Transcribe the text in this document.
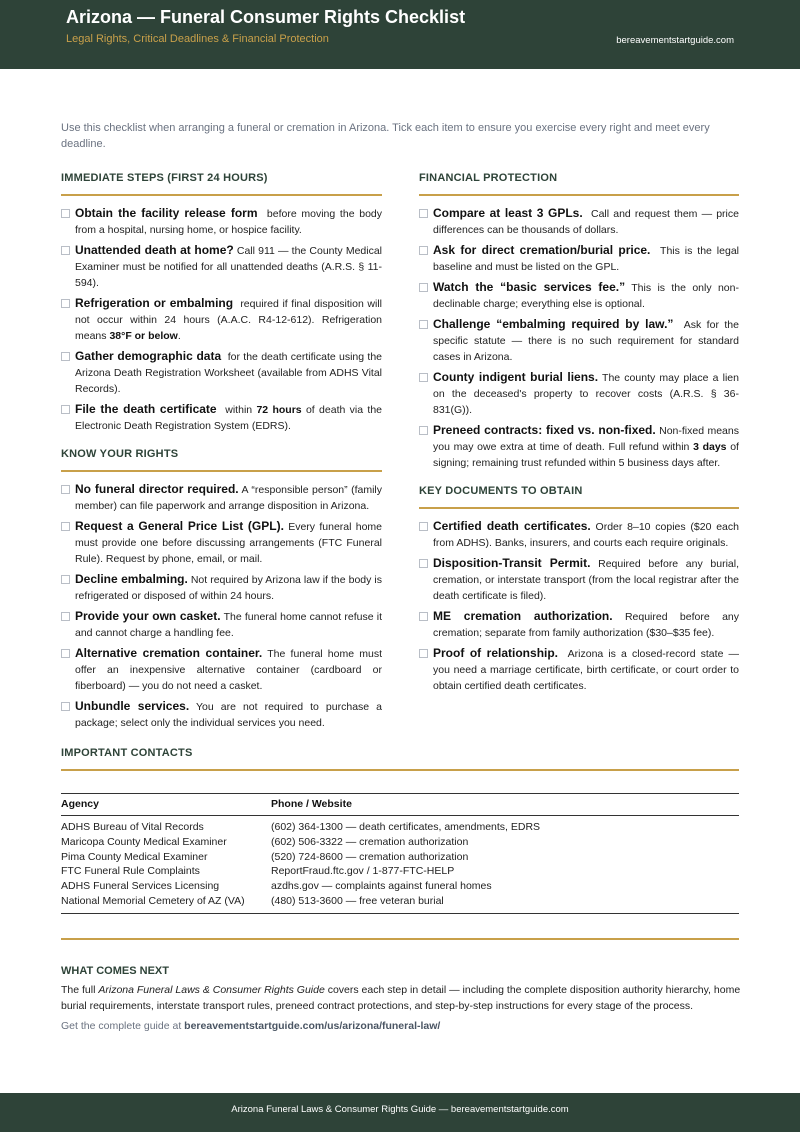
Arizona — Funeral Consumer Rights Checklist
Legal Rights, Critical Deadlines & Financial Protection	bereavementstartguide.com

Use this checklist when arranging a funeral or cremation in Arizona. Tick each item to ensure you exercise every right and meet every deadline.

IMMEDIATE STEPS (FIRST 24 HOURS)
Obtain the facility release form before moving the body from a hospital, nursing home, or hospice facility.
Unattended death at home? Call 911 — the County Medical Examiner must be notified for all unattended deaths (A.R.S. § 11-594).
Refrigeration or embalming required if final disposition will not occur within 24 hours (A.A.C. R4-12-612). Refrigeration means 38°F or below.
Gather demographic data for the death certificate using the Arizona Death Registration Worksheet (available from ADHS Vital Records).
File the death certificate within 72 hours of death via the Electronic Death Registration System (EDRS).
KNOW YOUR RIGHTS
No funeral director required. A “responsible person” (family member) can file paperwork and arrange disposition in Arizona.
Request a General Price List (GPL). Every funeral home must provide one before discussing arrangements (FTC Funeral Rule). Request by phone, email, or mail.
Decline embalming. Not required by Arizona law if the body is refrigerated or disposed of within 24 hours.
Provide your own casket. The funeral home cannot refuse it and cannot charge a handling fee.
Alternative cremation container. The funeral home must offer an inexpensive alternative container (cardboard or fiberboard) — you do not need a casket.
Unbundle services. You are not required to purchase a package; select only the individual services you need.
FINANCIAL PROTECTION
Compare at least 3 GPLs. Call and request them — price differences can be thousands of dollars.
Ask for direct cremation/burial price. This is the legal baseline and must be listed on the GPL.
Watch the “basic services fee.” This is the only non-declinable charge; everything else is optional.
Challenge “embalming required by law.” Ask for the specific statute — there is no such requirement for standard cases in Arizona.
County indigent burial liens. The county may place a lien on the deceased's property to recover costs (A.R.S. § 36-831(G)).
Preneed contracts: fixed vs. non-fixed. Non-fixed means you may owe extra at time of death. Full refund within 3 days of signing; remaining trust refunded within 5 business days after.
KEY DOCUMENTS TO OBTAIN
Certified death certificates. Order 8–10 copies ($20 each from ADHS). Banks, insurers, and courts each require originals.
Disposition-Transit Permit. Required before any burial, cremation, or interstate transport (from the local registrar after the death certificate is filed).
ME cremation authorization. Required before any cremation; separate from family authorization ($30–$35 fee).
Proof of relationship. Arizona is a closed-record state — you need a marriage certificate, birth certificate, or court order to obtain certified death certificates.
IMPORTANT CONTACTS
Agency	Phone / Website
ADHS Bureau of Vital Records	(602) 364-1300 — death certificates, amendments, EDRS
Maricopa County Medical Examiner	(602) 506-3322 — cremation authorization
Pima County Medical Examiner	(520) 724-8600 — cremation authorization
FTC Funeral Rule Complaints	ReportFraud.ftc.gov / 1-877-FTC-HELP
ADHS Funeral Services Licensing	azdhs.gov — complaints against funeral homes
National Memorial Cemetery of AZ (VA)	(480) 513-3600 — free veteran burial
WHAT COMES NEXT

The full Arizona Funeral Laws & Consumer Rights Guide covers each step in detail — including the complete disposition authority hierarchy, home burial requirements, interstate transport rules, preneed contract protections, and step-by-step instructions for every stage of the process.

Get the complete guide at bereavementstartguide.com/us/arizona/funeral-law/

Arizona Funeral Laws & Consumer Rights Guide — bereavementstartguide.com
